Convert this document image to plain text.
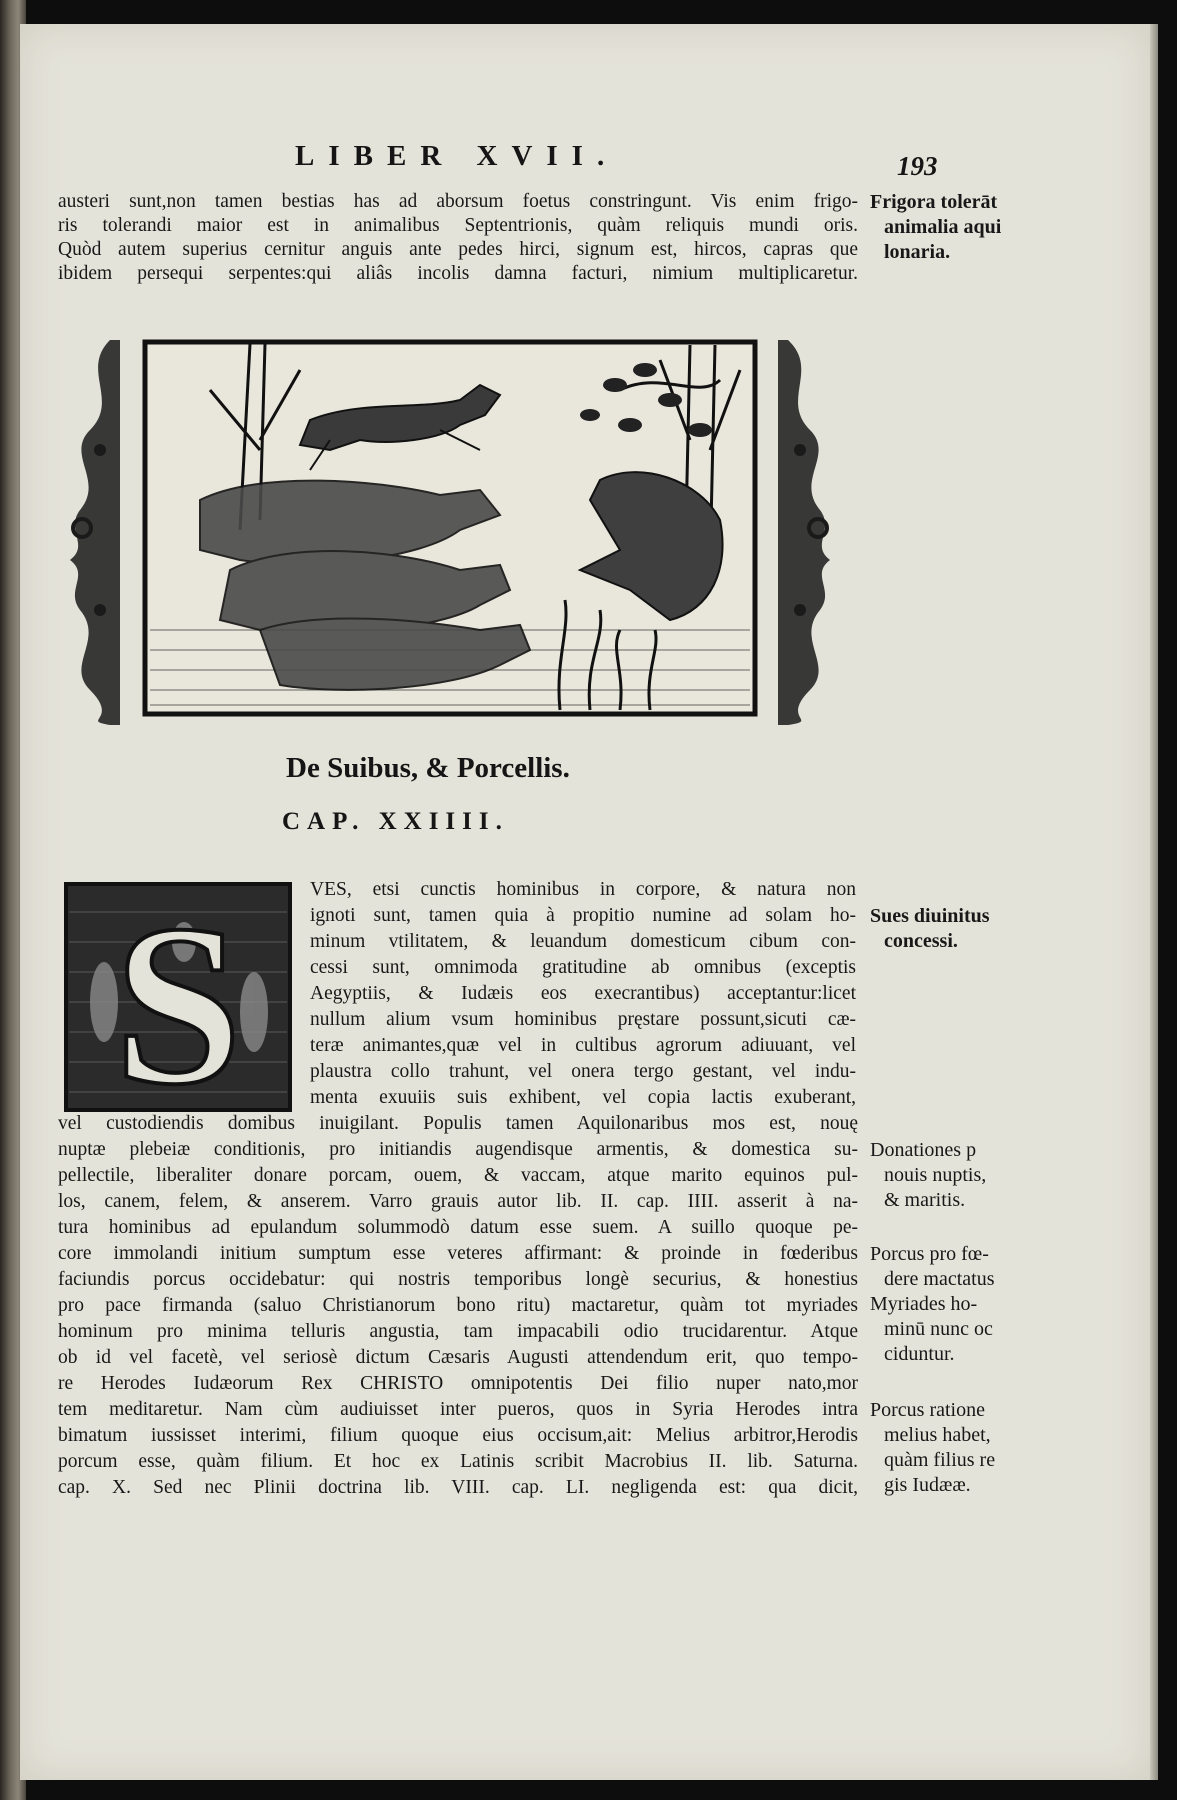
LIBER XVII.	193
austeri sunt,non tamen bestias has ad aborsum foetus constringunt. Vis enim frigo-
ris tolerandi maior est in animalibus Septentrionis, quàm reliquis mundi oris.
Quòd autem superius cernitur anguis ante pedes hirci, signum est, hircos, capras que
ibidem persequi serpentes:qui aliâs incolis damna facturi, nimium multiplicaretur.
Frigora tolerāt
animalia aqui
lonaria.
De Suibus, & Porcellis.
CAP. XXIIII.
S	VES, etsi cunctis hominibus in corpore, & natura non
ignoti sunt, tamen quia à propitio numine ad solam ho-
minum vtilitatem, & leuandum domesticum cibum con-
cessi sunt, omnimoda gratitudine ab omnibus (exceptis
Aegyptiis, & Iudæis eos execrantibus) acceptantur:licet
nullum alium vsum hominibus pręstare possunt,sicuti cæ-
teræ animantes,quæ vel in cultibus agrorum adiuuant, vel
plaustra collo trahunt, vel onera tergo gestant, vel indu-
menta exuuiis suis exhibent, vel copia lactis exuberant,
vel custodiendis domibus inuigilant. Populis tamen Aquilonaribus mos est, nouę
nuptæ plebeiæ conditionis, pro initiandis augendisque armentis, & domestica su-
pellectile, liberaliter donare porcam, ouem, & vaccam, atque marito equinos pul-
los, canem, felem, & anserem. Varro grauis autor lib. II. cap. IIII. asserit à na-
tura hominibus ad epulandum solummodò datum esse suem. A suillo quoque pe-
core immolandi initium sumptum esse veteres affirmant: & proinde in fœderibus
faciundis porcus occidebatur: qui nostris temporibus longè securius, & honestius
pro pace firmanda (saluo Christianorum bono ritu) mactaretur, quàm tot myriades
hominum pro minima telluris angustia, tam impacabili odio trucidarentur. Atque
ob id vel facetè, vel seriosè dictum Cæsaris Augusti attendendum erit, quo tempo-
re Herodes Iudæorum Rex CHRISTO omnipotentis Dei filio nuper nato,mor
tem meditaretur. Nam cùm audiuisset inter pueros, quos in Syria Herodes intra
bimatum iussisset interimi, filium quoque eius occisum,ait: Melius arbitror,Herodis
porcum esse, quàm filium. Et hoc ex Latinis scribit Macrobius II. lib. Saturna.
cap. X. Sed nec Plinii doctrina lib. VIII. cap. LI. negligenda est: qua dicit,
Sues diuinitus
concessi.
Donationes p
nouis nuptis,
& maritis.
Porcus pro fœ-
dere mactatus
Myriades ho-
minū nunc oc
ciduntur.
Porcus ratione
melius habet,
quàm filius re
gis Iudææ.
